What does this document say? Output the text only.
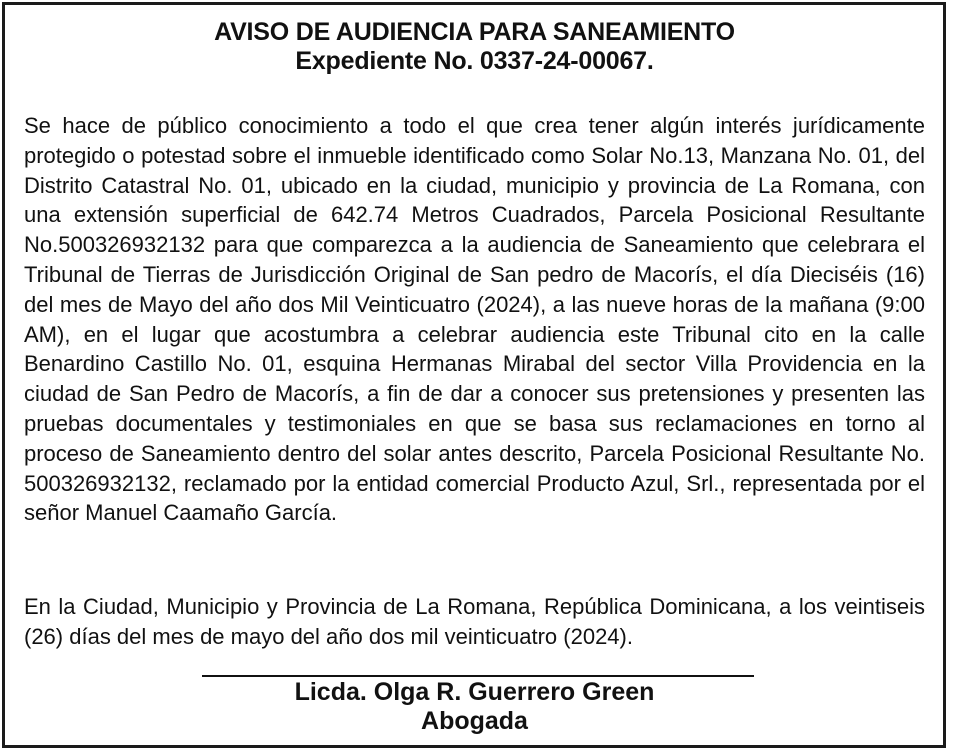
AVISO DE AUDIENCIA PARA SANEAMIENTO
Expediente No. 0337-24-00067.

Se hace de público conocimiento a todo el que crea tener algún interés jurídicamente protegido o potestad sobre el inmueble identificado como Solar No.13, Manzana No. 01, del Distrito Catastral No. 01, ubicado en la ciudad, municipio y provincia de La Romana, con una extensión superficial de 642.74 Metros Cuadrados, Parcela Posicional Resultante No.500326932132 para que comparezca a la audiencia de Saneamiento que celebrara el Tribunal de Tierras de Jurisdicción Original de San pedro de Macorís, el día Dieciséis (16) del mes de Mayo del año dos Mil Veinticuatro (2024), a las nueve horas de la mañana (9:00 AM), en el lugar que acostumbra a celebrar audiencia este Tribunal cito en la calle Benardino Castillo No. 01, esquina Hermanas Mirabal del sector Villa Providencia en la ciudad de San Pedro de Macorís, a fin de dar a conocer sus pretensiones y presenten las pruebas documentales y testimoniales en que se basa sus reclamaciones en torno al proceso de Saneamiento dentro del solar antes descrito, Parcela Posicional Resultante No. 500326932132, reclamado por la entidad comercial Producto Azul, Srl., representada por el señor Manuel Caamaño García.

En la Ciudad, Municipio y Provincia de La Romana, República Dominicana, a los veintiseis (26) días del mes de mayo del año dos mil veinticuatro (2024).

Licda. Olga R. Guerrero Green
Abogada
